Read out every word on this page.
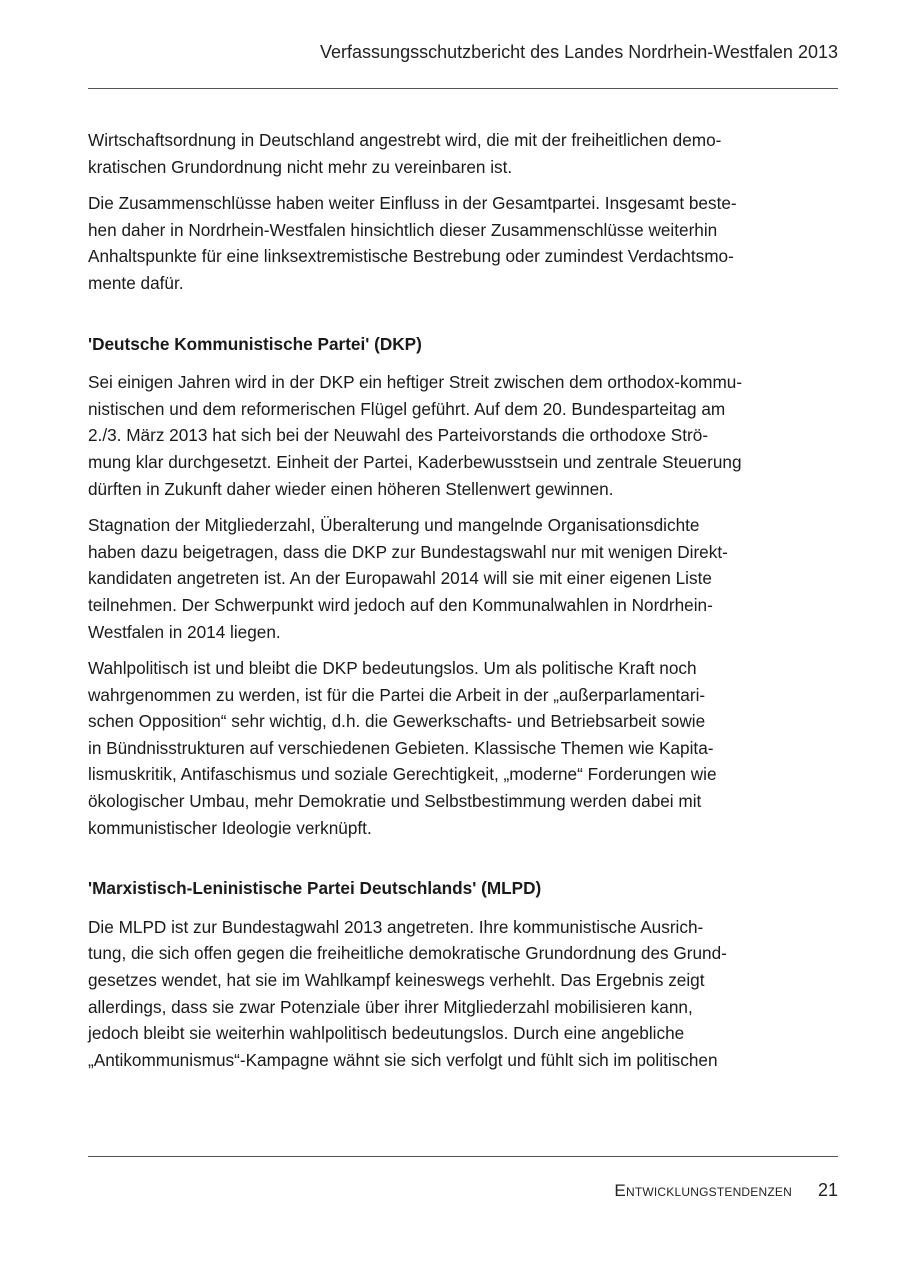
Verfassungsschutzbericht des Landes Nordrhein-Westfalen 2013

Wirtschaftsordnung in Deutschland angestrebt wird, die mit der freiheitlichen demo-
kratischen Grundordnung nicht mehr zu vereinbaren ist.

Die Zusammenschlüsse haben weiter Einfluss in der Gesamtpartei. Insgesamt beste-
hen daher in Nordrhein-Westfalen hinsichtlich dieser Zusammenschlüsse weiterhin
Anhaltspunkte für eine linksextremistische Bestrebung oder zumindest Verdachtsmo-
mente dafür.

'Deutsche Kommunistische Partei' (DKP)

Sei einigen Jahren wird in der DKP ein heftiger Streit zwischen dem orthodox-kommu-
nistischen und dem reformerischen Flügel geführt. Auf dem 20. Bundesparteitag am
2./3. März 2013 hat sich bei der Neuwahl des Parteivorstands die orthodoxe Strö-
mung klar durchgesetzt. Einheit der Partei, Kaderbewusstsein und zentrale Steuerung
dürften in Zukunft daher wieder einen höheren Stellenwert gewinnen.

Stagnation der Mitgliederzahl, Überalterung und mangelnde Organisationsdichte
haben dazu beigetragen, dass die DKP zur Bundestagswahl nur mit wenigen Direkt-
kandidaten angetreten ist. An der Europawahl 2014 will sie mit einer eigenen Liste
teilnehmen. Der Schwerpunkt wird jedoch auf den Kommunalwahlen in Nordrhein-
Westfalen in 2014 liegen.

Wahlpolitisch ist und bleibt die DKP bedeutungslos. Um als politische Kraft noch
wahrgenommen zu werden, ist für die Partei die Arbeit in der „außerparlamentari-
schen Opposition“ sehr wichtig, d.h. die Gewerkschafts- und Betriebsarbeit sowie
in Bündnisstrukturen auf verschiedenen Gebieten. Klassische Themen wie Kapita-
lismuskritik, Antifaschismus und soziale Gerechtigkeit, „moderne“ Forderungen wie
ökologischer Umbau, mehr Demokratie und Selbstbestimmung werden dabei mit
kommunistischer Ideologie verknüpft.

'Marxistisch-Leninistische Partei Deutschlands' (MLPD)

Die MLPD ist zur Bundestagwahl 2013 angetreten. Ihre kommunistische Ausrich-
tung, die sich offen gegen die freiheitliche demokratische Grundordnung des Grund-
gesetzes wendet, hat sie im Wahlkampf keineswegs verhehlt. Das Ergebnis zeigt
allerdings, dass sie zwar Potenziale über ihrer Mitgliederzahl mobilisieren kann,
jedoch bleibt sie weiterhin wahlpolitisch bedeutungslos. Durch eine angebliche
„Antikommunismus“-Kampagne wähnt sie sich verfolgt und fühlt sich im politischen

Entwicklungstendenzen 21
